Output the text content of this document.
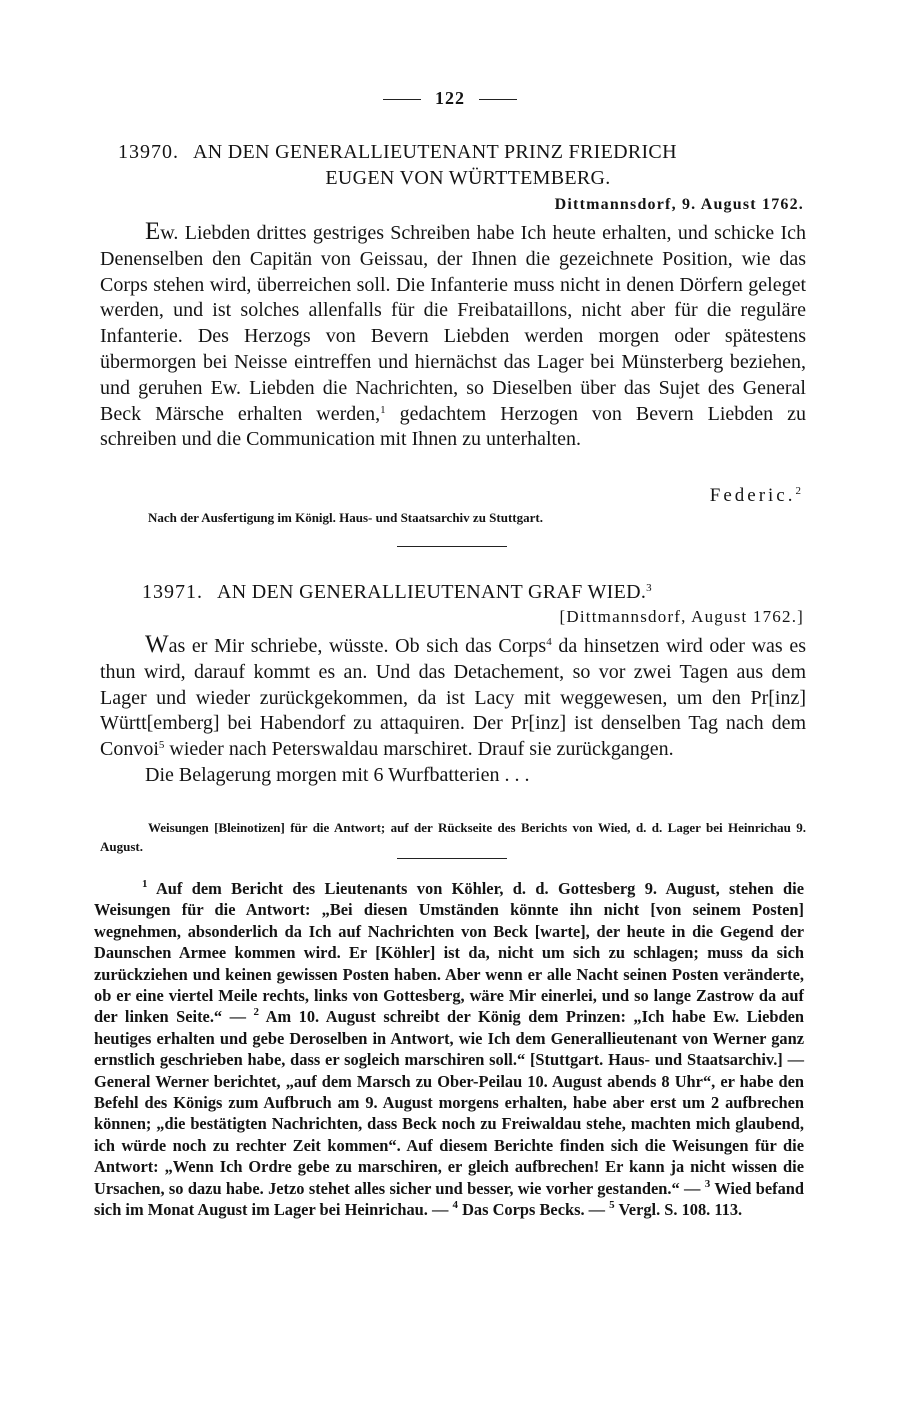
122
13970. AN DEN GENERALLIEUTENANT PRINZ FRIEDRICH
EUGEN VON WÜRTTEMBERG.
Dittmannsdorf, 9. August 1762.

Ew. Liebden drittes gestriges Schreiben habe Ich heute erhalten, und schicke Ich Denenselben den Capitän von Geissau, der Ihnen die gezeichnete Position, wie das Corps stehen wird, überreichen soll. Die Infanterie muss nicht in denen Dörfern geleget werden, und ist solches allenfalls für die Freibataillons, nicht aber für die reguläre Infanterie. Des Herzogs von Bevern Liebden werden morgen oder spätestens übermorgen bei Neisse eintreffen und hiernächst das Lager bei Münsterberg beziehen, und geruhen Ew. Liebden die Nachrichten, so Dieselben über das Sujet des General Beck Märsche erhalten werden,$^1$ gedachtem Herzogen von Bevern Liebden zu schreiben und die Communication mit Ihnen zu unterhalten.

Federic.$^2$
Nach der Ausfertigung im Königl. Haus- und Staatsarchiv zu Stuttgart.
13971. AN DEN GENERALLIEUTENANT GRAF WIED.$^3$
[Dittmannsdorf, August 1762.]

Was er Mir schriebe, wüsste. Ob sich das Corps$^4$ da hinsetzen wird oder was es thun wird, darauf kommt es an. Und das Detachement, so vor zwei Tagen aus dem Lager und wieder zurückgekommen, da ist Lacy mit weggewesen, um den Pr[inz] Württ[emberg] bei Habendorf zu attaquiren. Der Pr[inz] ist denselben Tag nach dem Convoi$^5$ wieder nach Peterswaldau marschiret. Drauf sie zurückgangen.

Die Belagerung morgen mit 6 Wurfbatterien . . .

Weisungen [Bleinotizen] für die Antwort; auf der Rückseite des Berichts von Wied, d. d. Lager bei Heinrichau 9. August.

$^1$ Auf dem Bericht des Lieutenants von Köhler, d. d. Gottesberg 9. August, stehen die Weisungen für die Antwort: „Bei diesen Umständen könnte ihn nicht [von seinem Posten] wegnehmen, absonderlich da Ich auf Nachrichten von Beck [warte], der heute in die Gegend der Daunschen Armee kommen wird. Er [Köhler] ist da, nicht um sich zu schlagen; muss da sich zurückziehen und keinen gewissen Posten haben. Aber wenn er alle Nacht seinen Posten veränderte, ob er eine viertel Meile rechts, links von Gottesberg, wäre Mir einerlei, und so lange Zastrow da auf der linken Seite.“ — $^2$ Am 10. August schreibt der König dem Prinzen: „Ich habe Ew. Liebden heutiges erhalten und gebe Deroselben in Antwort, wie Ich dem Generallieutenant von Werner ganz ernstlich geschrieben habe, dass er sogleich marschiren soll.“ [Stuttgart. Haus- und Staatsarchiv.] — General Werner berichtet, „auf dem Marsch zu Ober-Peilau 10. August abends 8 Uhr“, er habe den Befehl des Königs zum Aufbruch am 9. August morgens erhalten, habe aber erst um 2 aufbrechen können; „die bestätigten Nachrichten, dass Beck noch zu Freiwaldau stehe, machten mich glaubend, ich würde noch zu rechter Zeit kommen“. Auf diesem Berichte finden sich die Weisungen für die Antwort: „Wenn Ich Ordre gebe zu marschiren, er gleich aufbrechen! Er kann ja nicht wissen die Ursachen, so dazu habe. Jetzo stehet alles sicher und besser, wie vorher gestanden.“ — $^3$ Wied befand sich im Monat August im Lager bei Heinrichau. — $^4$ Das Corps Becks. — $^5$ Vergl. S. 108. 113.
